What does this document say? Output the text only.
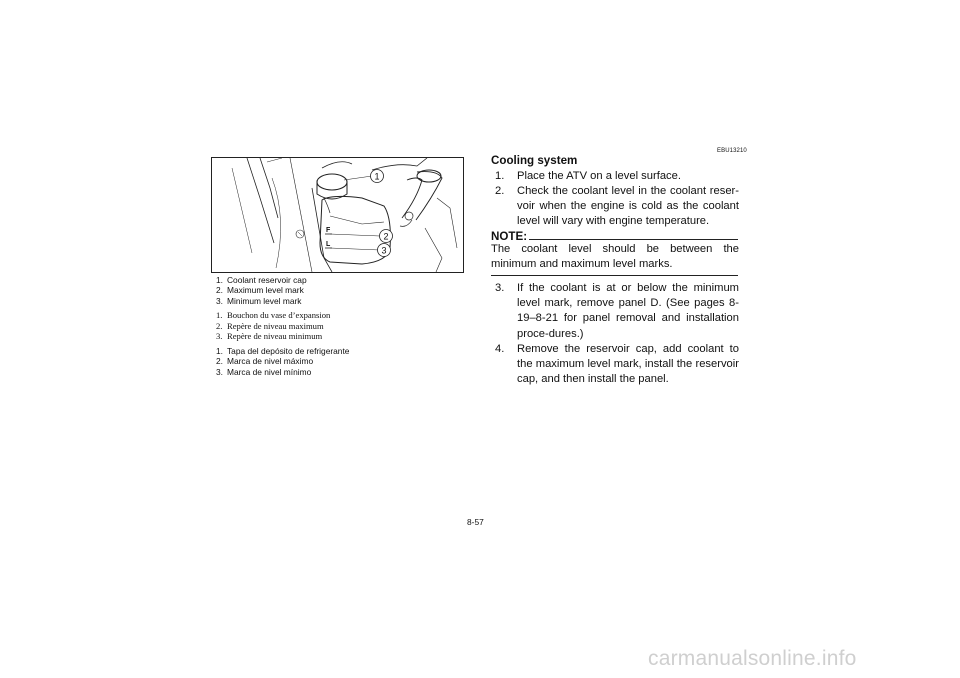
1
2
3
F
L
1. Coolant reservoir cap
2. Maximum level mark
3. Minimum level mark
1. Bouchon du vase d’expansion
2. Repère de niveau maximum
3. Repère de niveau minimum
1. Tapa del depósito de refrigerante
2. Marca de nivel máximo
3. Marca de nivel mínimo
EBU13210
Cooling system
1. Place the ATV on a level surface.
2. Check the coolant level in the coolant reser-voir when the engine is cold as the coolant level will vary with engine temperature.
NOTE:
The coolant level should be between the minimum and maximum level marks.
3. If the coolant is at or below the minimum level mark, remove panel D. (See pages 8-19–8-21 for panel removal and installation proce-dures.)
4. Remove the reservoir cap, add coolant to the maximum level mark, install the reservoir cap, and then install the panel.
8-57
carmanualsonline.info
